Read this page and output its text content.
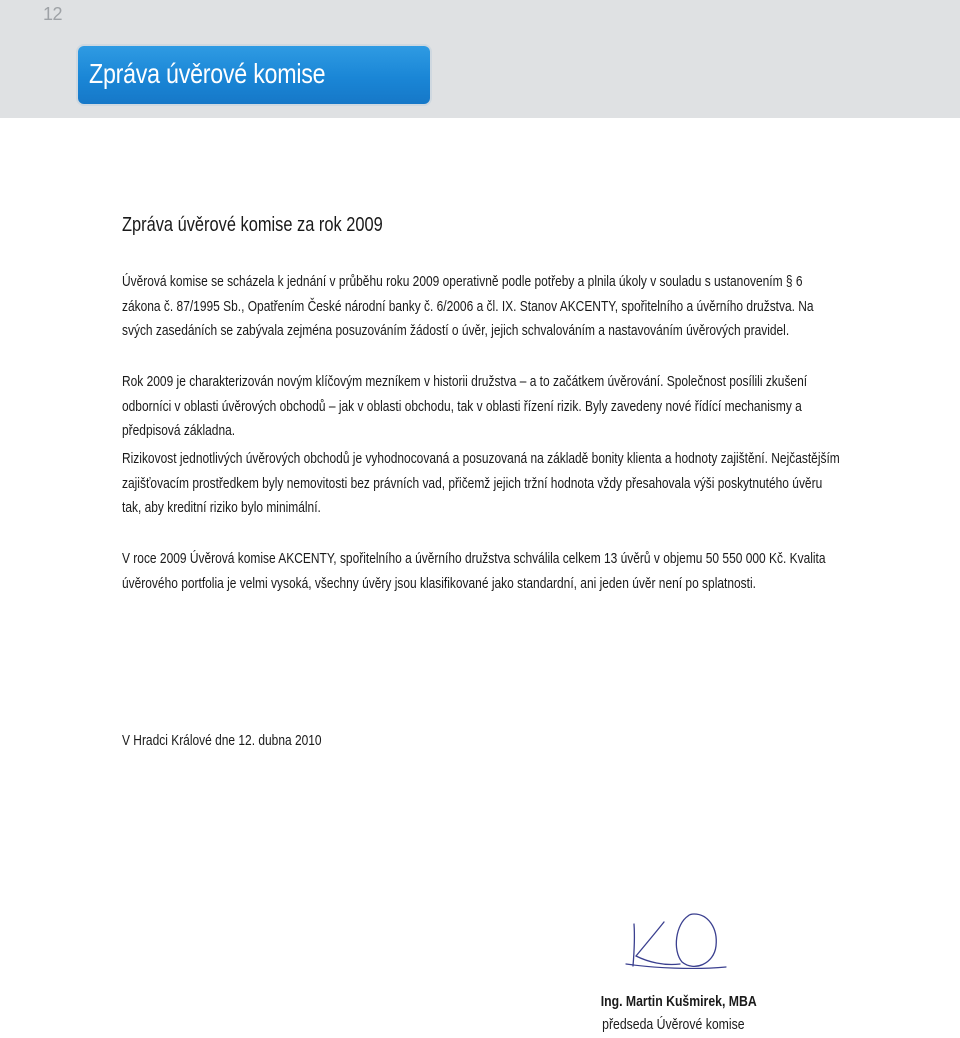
12
Zpráva úvěrové komise
Zpráva úvěrové komise za rok 2009

Úvěrová komise se scházela k jednání v průběhu roku 2009 operativně podle potřeby a plnila úkoly v souladu s ustanovením § 6 zákona č. 87/1995 Sb., Opatřením České národní banky č. 6/2006 a čl. IX. Stanov AKCENTY, spořitelního a úvěrního družstva. Na svých zasedáních se zabývala zejména posuzováním žádostí o úvěr, jejich schvalováním a nastavováním úvěrových pravidel.

Rok 2009 je charakterizován novým klíčovým mezníkem v historii družstva – a to začátkem úvěrování. Společnost posílili zkušení odborníci v oblasti úvěrových obchodů – jak v oblasti obchodu, tak v oblasti řízení rizik. Byly zavedeny nové řídící mechanismy a předpisová základna.

Rizikovost jednotlivých úvěrových obchodů je vyhodnocovaná a posuzovaná na základě bonity klienta a hodnoty zajištění. Nejčastějším zajišťovacím prostředkem byly nemovitosti bez právních vad, přičemž jejich tržní hodnota vždy přesahovala výši poskytnutého úvěru tak, aby kreditní riziko bylo minimální.

V roce 2009 Úvěrová komise AKCENTY, spořitelního a úvěrního družstva schválila celkem 13 úvěrů v objemu 50 550 000 Kč. Kvalita úvěrového portfolia je velmi vysoká, všechny úvěry jsou klasifikované jako standardní, ani jeden úvěr není po splatnosti.

V Hradci Králové dne 12. dubna 2010
Ing. Martin Kušmirek, MBA
předseda Úvěrové komise
